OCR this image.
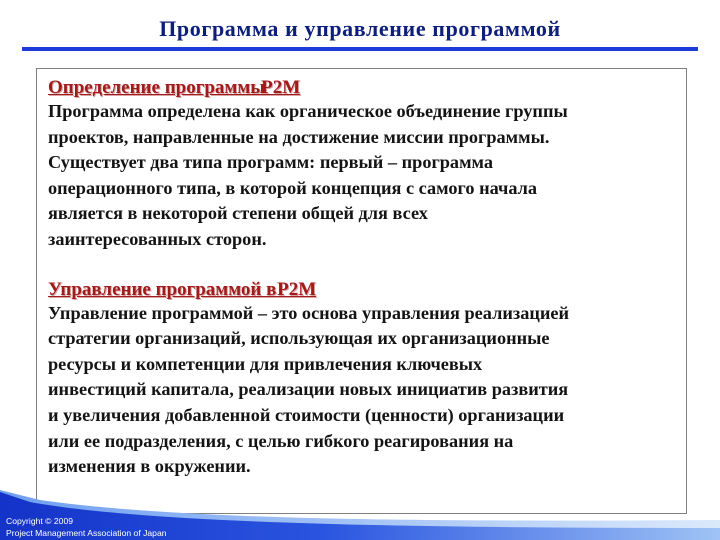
Программа и управление программой
Определение программыP2M
Программа определена как органическое объединение группы
проектов, направленные на достижение миссии программы.
Существует два типа программ: первый – программа
операционного типа, в которой концепция с самого начала
является в некоторой степени общей для всех
заинтересованных сторон.
Управление программой в P2M
Управление программой – это основа управления реализацией
стратегии организаций, использующая их организационные
ресурсы и компетенции для привлечения ключевых
инвестиций капитала, реализации новых инициатив развития
и увеличения добавленной стоимости (ценности) организации
или ее подразделения, с целью гибкого реагирования на
изменения в окружении.
Copyright © 2009
Project Management Association of Japan
